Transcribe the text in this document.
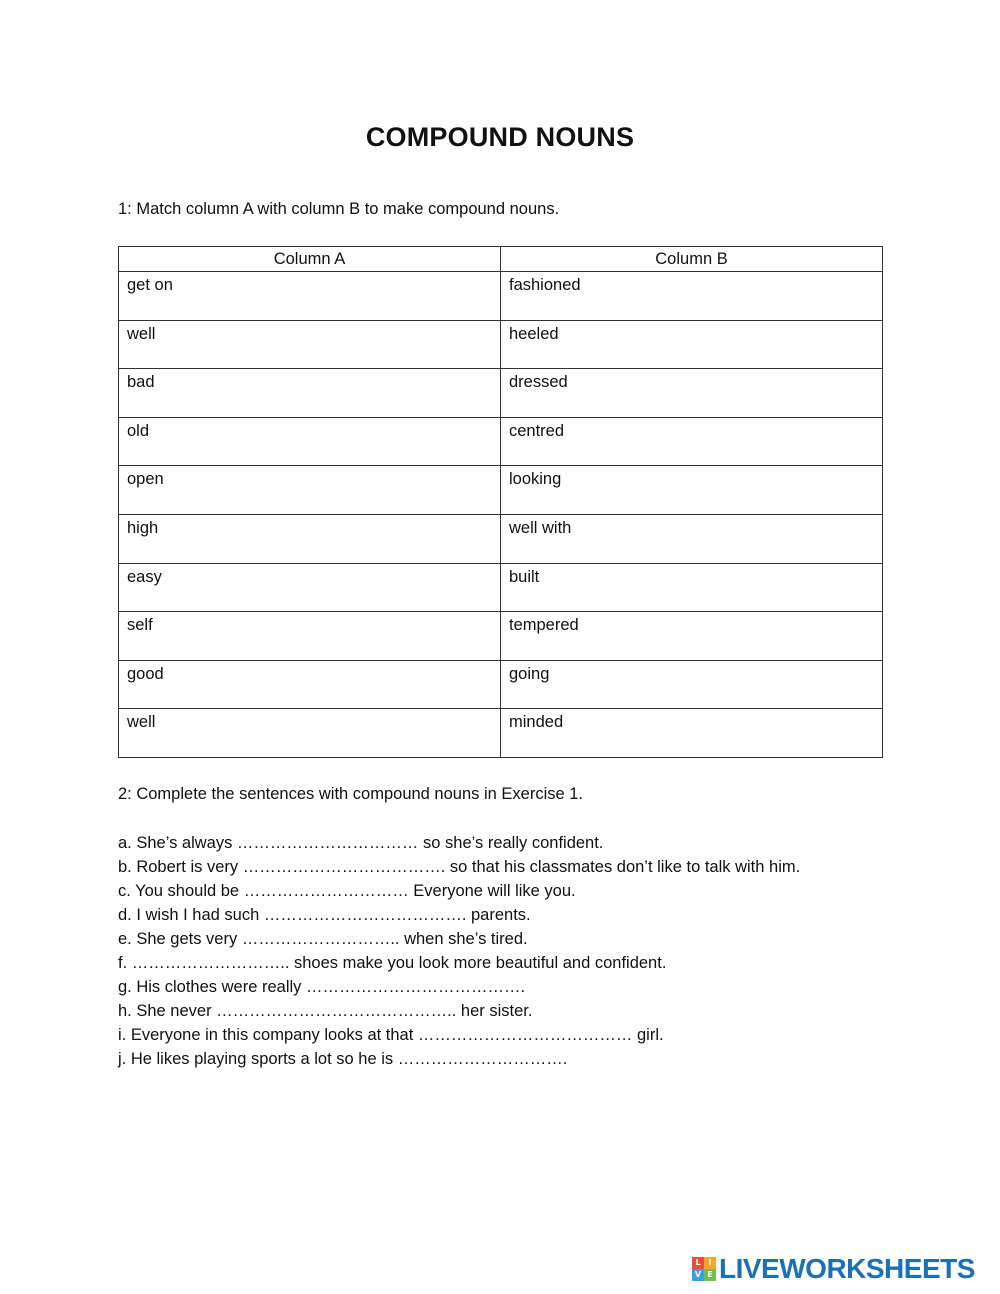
COMPOUND NOUNS
1: Match column A with column B to make compound nouns.
Column A	Column B
get on	fashioned
well	heeled
bad	dressed
old	centred
open	looking
high	well with
easy	built
self	tempered
good	going
well	minded
2: Complete the sentences with compound nouns in Exercise 1.
a. She’s always …………………………… so she’s really confident.
b. Robert is very ………………………………. so that his classmates don’t like to talk with him.
c. You should be ………………………… Everyone will like you.
d. I wish I had such ………………………………. parents.
e. She gets very ……………………….. when she’s tired.
f. ……………………….. shoes make you look more beautiful and confident.
g. His clothes were really ………………………………….
h. She never …………………………………….. her sister.
i. Everyone in this company looks at that ………………………………… girl.
j. He likes playing sports a lot so he is ………………………….
L I
V E LIVEWORKSHEETS
